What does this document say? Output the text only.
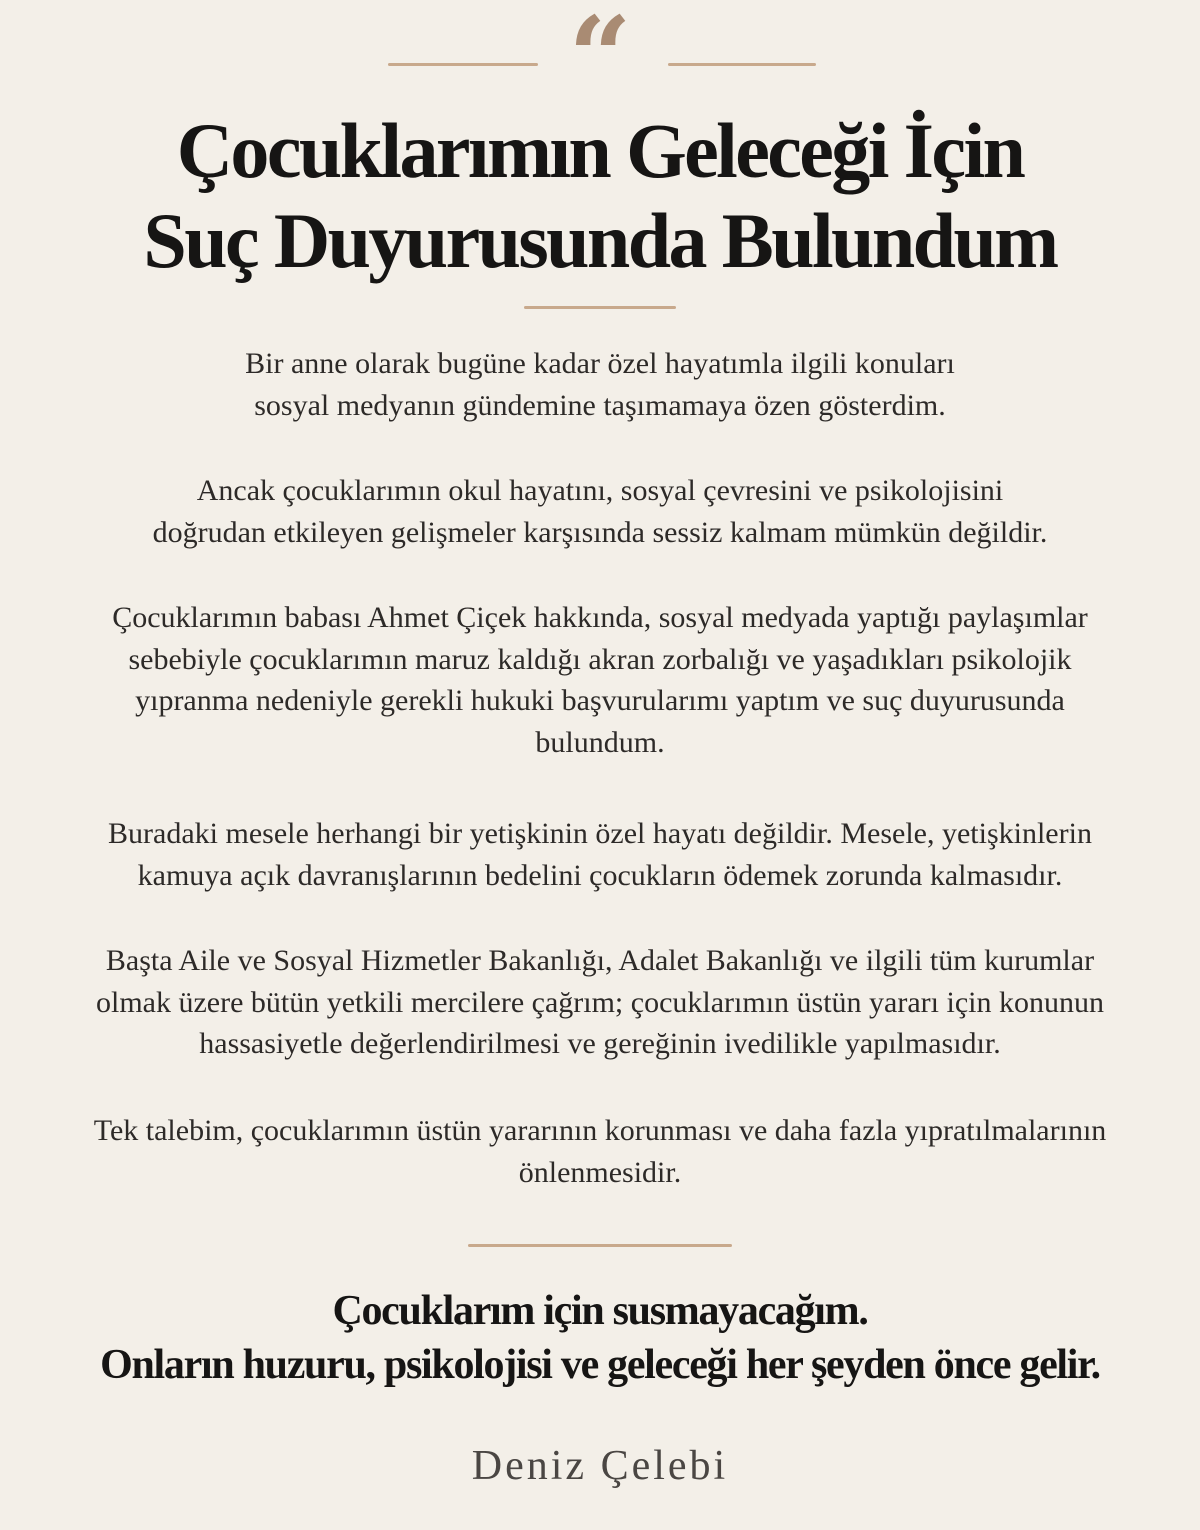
“
Çocuklarımın Geleceği İçin
Suç Duyurusunda Bulundum

Bir anne olarak bugüne kadar özel hayatımla ilgili konuları
sosyal medyanın gündemine taşımamaya özen gösterdim.

Ancak çocuklarımın okul hayatını, sosyal çevresini ve psikolojisini
doğrudan etkileyen gelişmeler karşısında sessiz kalmam mümkün değildir.

Çocuklarımın babası Ahmet Çiçek hakkında, sosyal medyada yaptığı paylaşımlar
sebebiyle çocuklarımın maruz kaldığı akran zorbalığı ve yaşadıkları psikolojik
yıpranma nedeniyle gerekli hukuki başvurularımı yaptım ve suç duyurusunda
bulundum.

Buradaki mesele herhangi bir yetişkinin özel hayatı değildir. Mesele, yetişkinlerin
kamuya açık davranışlarının bedelini çocukların ödemek zorunda kalmasıdır.

Başta Aile ve Sosyal Hizmetler Bakanlığı, Adalet Bakanlığı ve ilgili tüm kurumlar
olmak üzere bütün yetkili mercilere çağrım; çocuklarımın üstün yararı için konunun
hassasiyetle değerlendirilmesi ve gereğinin ivedilikle yapılmasıdır.

Tek talebim, çocuklarımın üstün yararının korunması ve daha fazla yıpratılmalarının
önlenmesidir.

Çocuklarım için susmayacağım.
Onların huzuru, psikolojisi ve geleceği her şeyden önce gelir.
Deniz Çelebi
